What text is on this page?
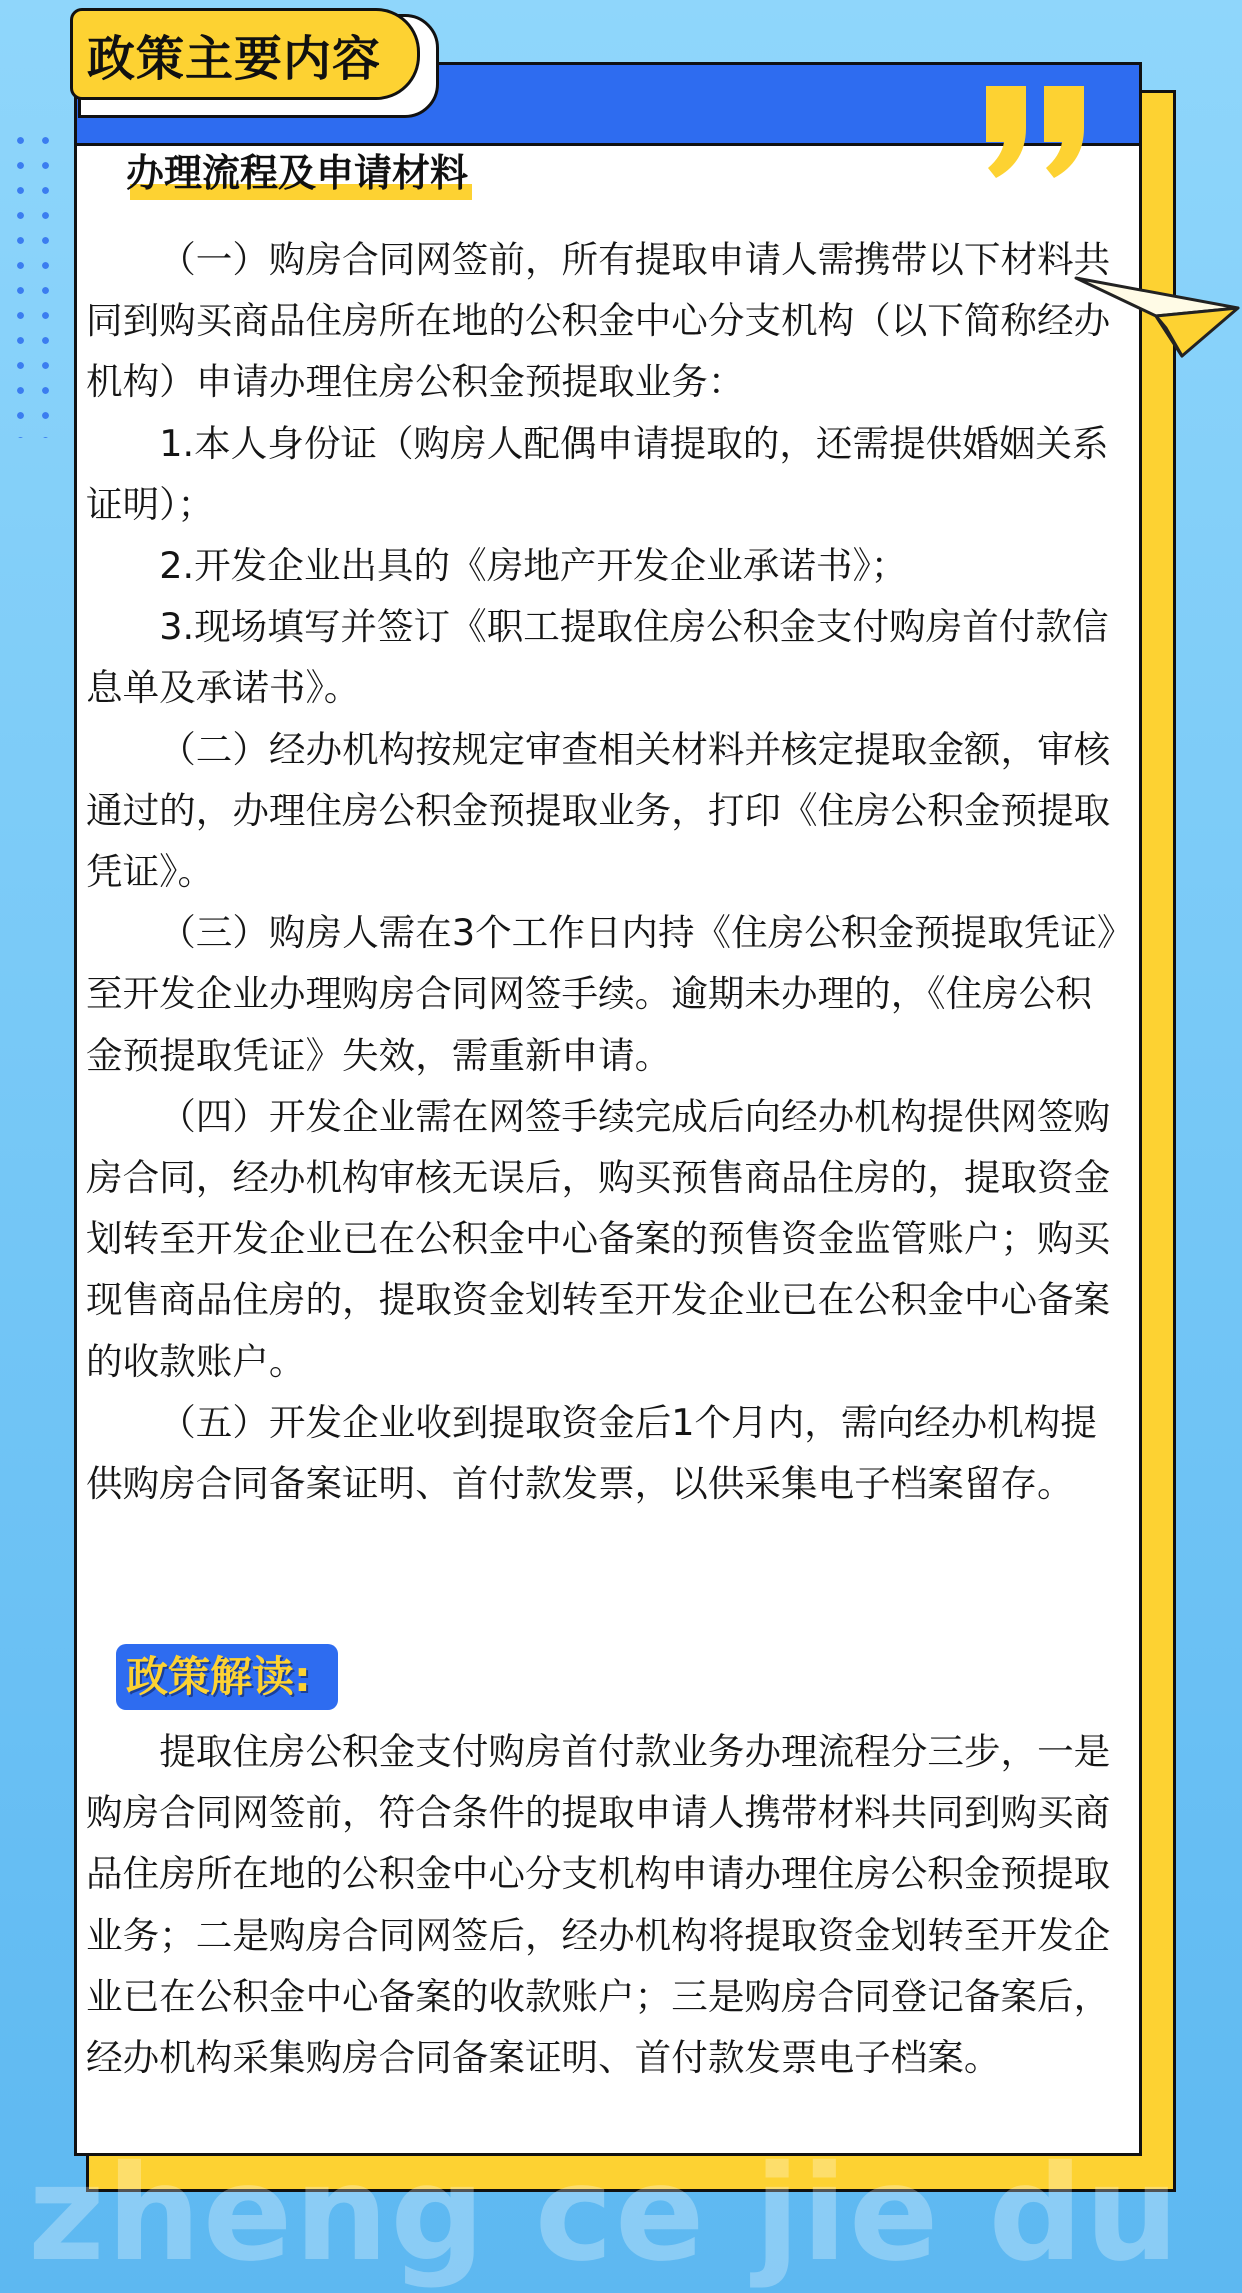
政策主要内容
办理流程及申请材料

（一）购房合同网签前，所有提取申请人需携带以下材料共同到购买商品住房所在地的公积金中心分支机构（以下简称经办机构）申请办理住房公积金预提取业务：

1.本人身份证（购房人配偶申请提取的，还需提供婚姻关系证明）；

2.开发企业出具的《房地产开发企业承诺书》；

3.现场填写并签订《职工提取住房公积金支付购房首付款信息单及承诺书》。

（二）经办机构按规定审查相关材料并核定提取金额，审核通过的，办理住房公积金预提取业务，打印《住房公积金预提取凭证》。

（三）购房人需在3个工作日内持《住房公积金预提取凭证》至开发企业办理购房合同网签手续。逾期未办理的，《住房公积金预提取凭证》失效，需重新申请。

（四）开发企业需在网签手续完成后向经办机构提供网签购房合同，经办机构审核无误后，购买预售商品住房的，提取资金划转至开发企业已在公积金中心备案的预售资金监管账户；购买现售商品住房的，提取资金划转至开发企业已在公积金中心备案的收款账户。

（五）开发企业收到提取资金后1个月内，需向经办机构提供购房合同备案证明、首付款发票，以供采集电子档案留存。

政策解读:

提取住房公积金支付购房首付款业务办理流程分三步，一是购房合同网签前，符合条件的提取申请人携带材料共同到购买商品住房所在地的公积金中心分支机构申请办理住房公积金预提取业务；二是购房合同网签后，经办机构将提取资金划转至开发企业已在公积金中心备案的收款账户；三是购房合同登记备案后，经办机构采集购房合同备案证明、首付款发票电子档案。

zheng ce jie du
